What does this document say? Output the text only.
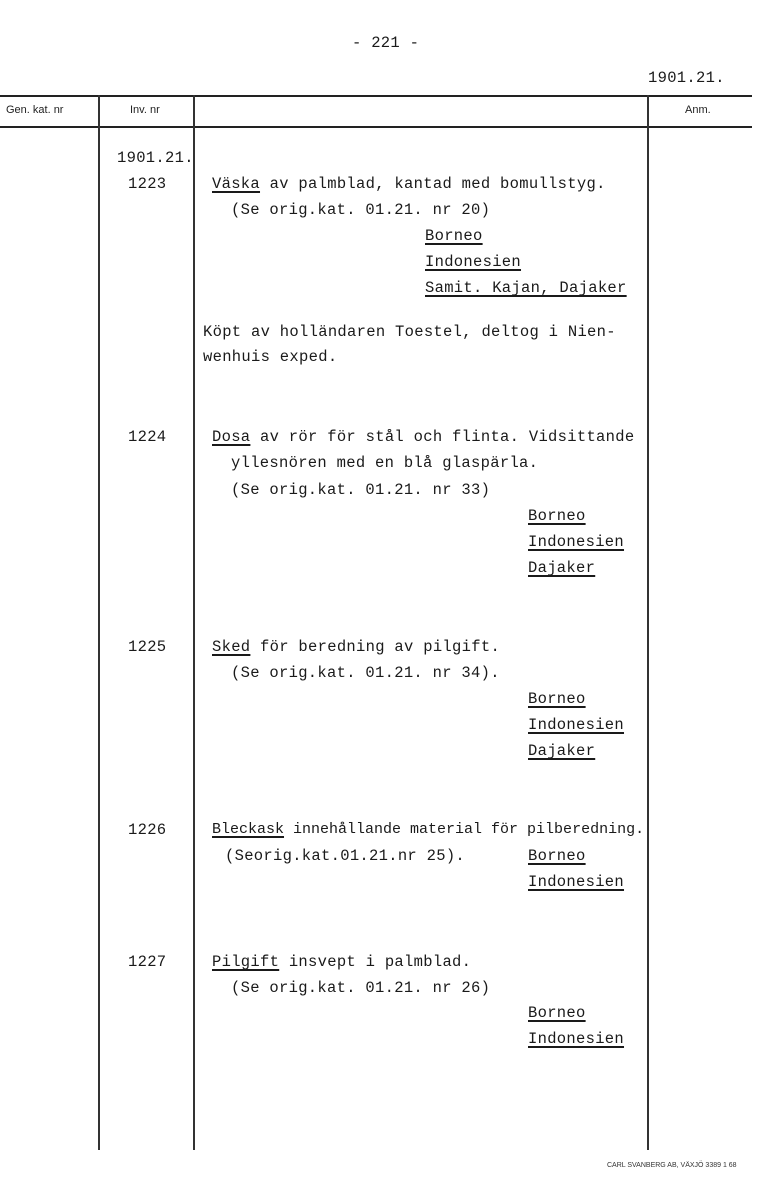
- 221 -
1901.21.
Gen. kat. nr	Inv. nr	Anm.
1901.21.
1223	Väska av palmblad, kantad med bomullstyg.
(Se orig.kat. 01.21. nr 20)
Borneo
Indonesien
Samit. Kajan, Dajaker
Köpt av holländaren Toestel, deltog i Nien-
wenhuis exped.
1224	Dosa av rör för stål och flinta. Vidsittande
yllesnören med en blå glaspärla.
(Se orig.kat. 01.21. nr 33)
Borneo
Indonesien
Dajaker
1225	Sked för beredning av pilgift.
(Se orig.kat. 01.21. nr 34).
Borneo
Indonesien
Dajaker
1226	Bleckask innehållande material för pilberedning.
(Seorig.kat.01.21.nr 25).	Borneo
Indonesien
1227	Pilgift insvept i palmblad.
(Se orig.kat. 01.21. nr 26)
Borneo
Indonesien
CARL SVANBERG AB, VÄXJÖ 3389 1 68
